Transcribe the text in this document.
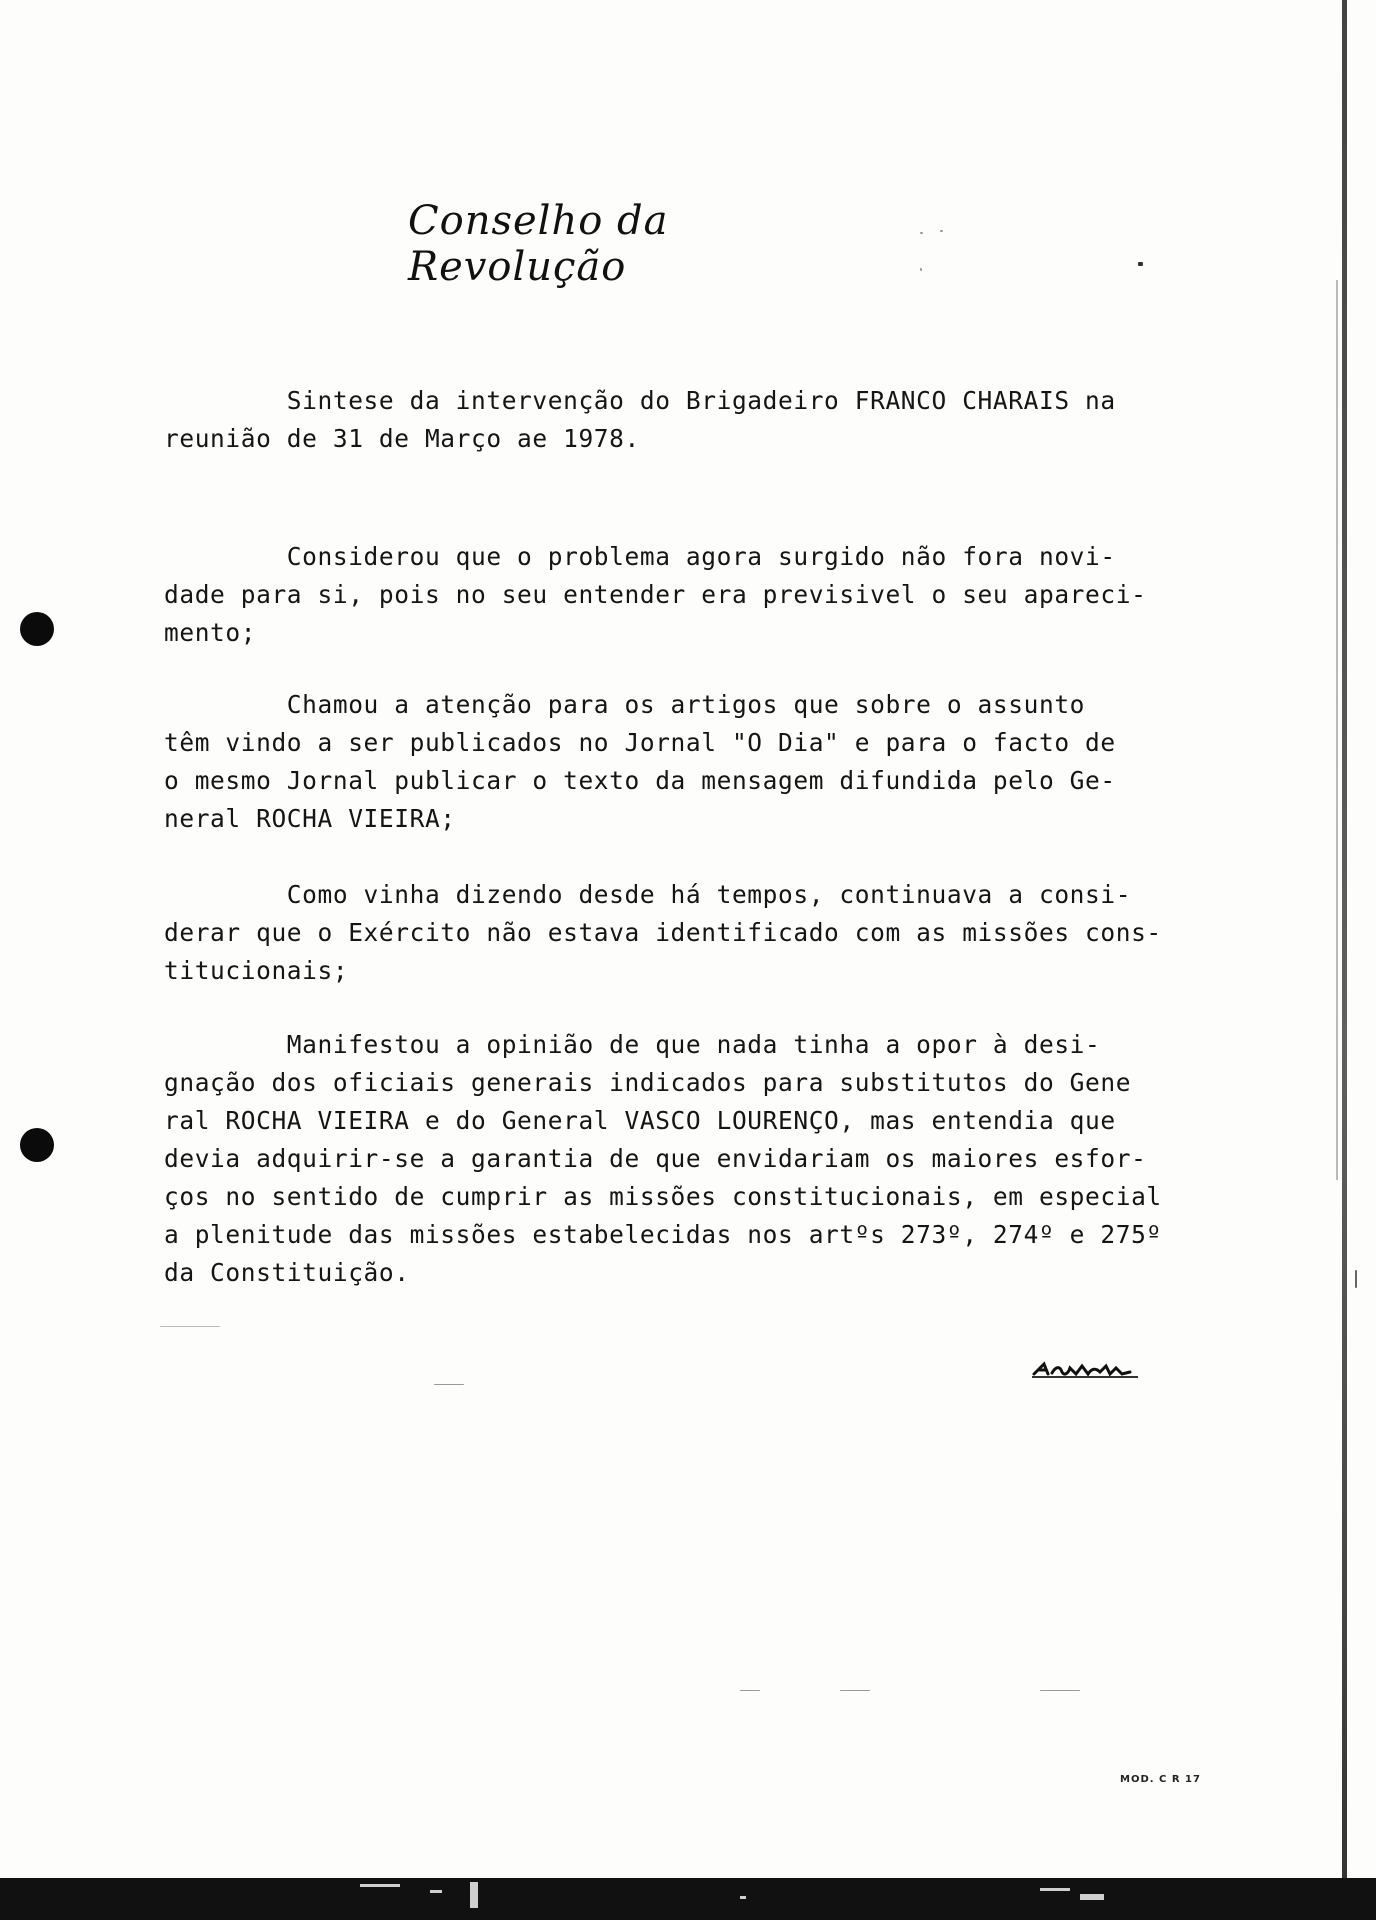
Conselho da Revolução
Sintese da intervenção do Brigadeiro FRANCO CHARAIS na
reunião de 31 de Março ae 1978.
Considerou que o problema agora surgido não fora novi-
dade para si, pois no seu entender era previsivel o seu apareci-
mento;
Chamou a atenção para os artigos que sobre o assunto
têm vindo a ser publicados no Jornal "O Dia" e para o facto de
o mesmo Jornal publicar o texto da mensagem difundida pelo Ge-
neral ROCHA VIEIRA;
Como vinha dizendo desde há tempos, continuava a consi-
derar que o Exército não estava identificado com as missões cons-
titucionais;
Manifestou a opinião de que nada tinha a opor à desi-
gnação dos oficiais generais indicados para substitutos do Gene
ral ROCHA VIEIRA e do General VASCO LOURENÇO, mas entendia que
devia adquirir-se a garantia de que envidariam os maiores esfor-
ços no sentido de cumprir as missões constitucionais, em especial
a plenitude das missões estabelecidas nos artºs 273º, 274º e 275º
da Constituição.
MOD. C R 17
